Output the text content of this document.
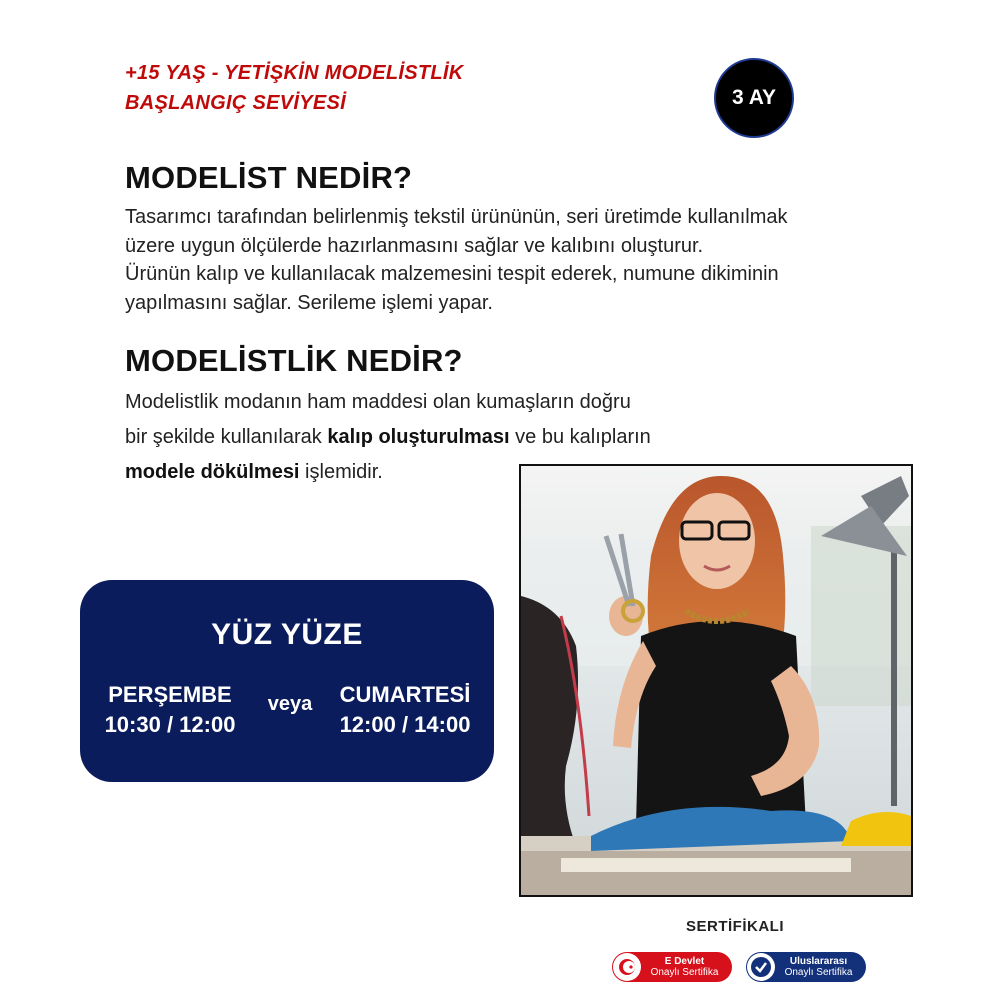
+15 YAŞ - YETİŞKİN MODELİSTLİK
BAŞLANGIÇ SEVİYESİ	3 AY
MODELİST NEDİR?
Tasarımcı tarafından belirlenmiş tekstil ürününün, seri üretimde kullanılmak
üzere uygun ölçülerde hazırlanmasını sağlar ve kalıbını oluşturur.
Ürünün kalıp ve kullanılacak malzemesini tespit ederek, numune dikiminin
yapılmasını sağlar. Serileme işlemi yapar.
MODELİSTLİK NEDİR?
Modelistlik modanın ham maddesi olan kumaşların doğru
bir şekilde kullanılarak kalıp oluşturulması ve bu kalıpların
modele dökülmesi işlemidir.
YÜZ YÜZE
PERŞEMBE
10:30 / 12:00
veya	CUMARTESİ
12:00 / 14:00
SERTİFİKALI
E Devlet
Onaylı Sertifika
Uluslararası
Onaylı Sertifika
